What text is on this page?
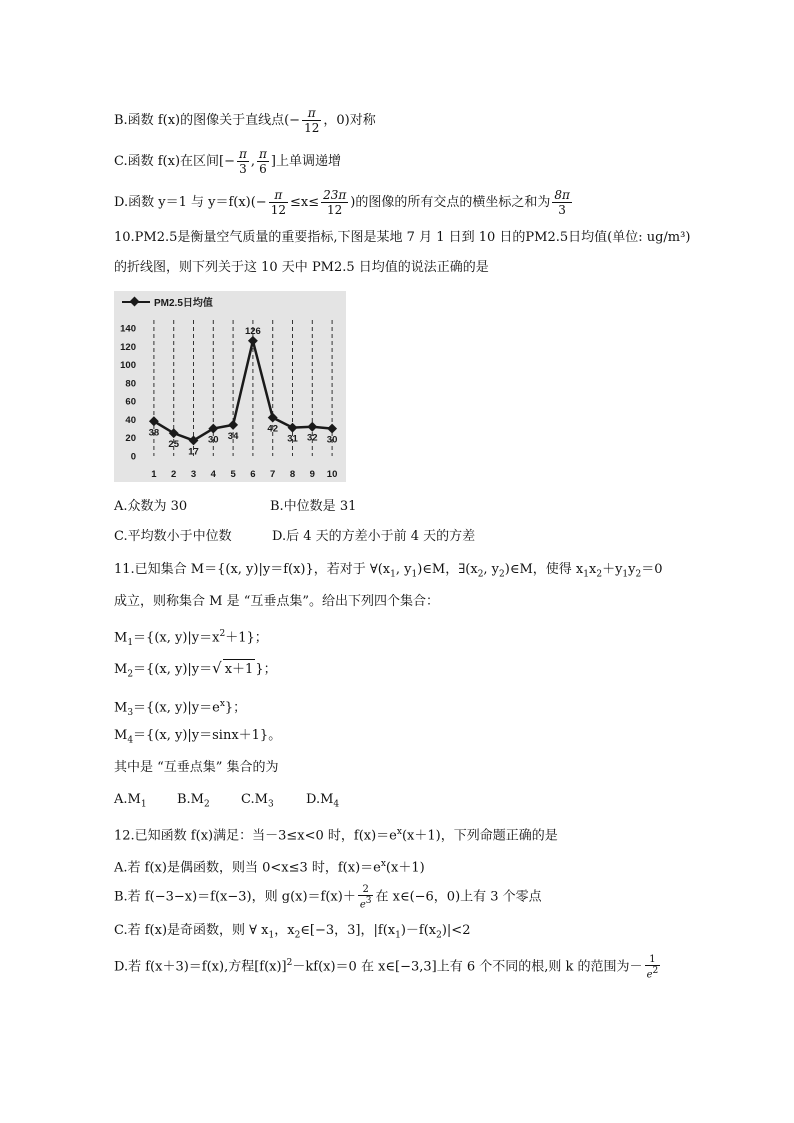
B.函数 f(x)的图像关于直线点(− $\frac{\pi}{12}$ ，0)对称
C.函数 f(x)在区间[− $\frac{\pi}{3}$ , $\frac{\pi}{6}$ ]上单调递增
D.函数 y＝1 与 $y=f(x)(- \frac{\pi}{12} \le x\le \frac{23\pi}{12}$ )的图像的所有交点的横坐标之和为 $\frac{8\pi}{3}$
10.PM2.5是衡量空气质量的重要指标,下图是某地 7 月 1 日到 10 日的PM2.5日均值(单位: ug/m³)
的折线图，则下列关于这 10 天中 PM2.5 日均值的说法正确的是
0
20
40
60
80
100
120
140
1 2 3 4 5 6 7 8 9 10
PM2.5日均值
38
25
17
30 34
126
42
31 32 30
A.众数为 30	B.中位数是 31
C.平均数小于中位数	D.后 4 天的方差小于前 4 天的方差
11.已知集合 M＝{(x, y)|y＝f(x)}，若对于 $\forall(x_1$, $y_1)\in M$，$\exists(x_2$, $y_2)\in M$，使得 $x_1x_2+y_1y_2=0$
成立，则称集合 M 是 “互垂点集”。给出下列四个集合：
$M_1=\{(x$, $y)|y=x^2+1$}；
$M_2=\{(x$, y)|y＝√ x＋1 }；
$M_3=\{(x$, $y)|y=e^x$}；
$M_4=\{(x$, y)|y＝sinx＋1}。
其中是 “互垂点集” 集合的为
$A.M_1$ $B.M_2$ $C.M_3$ $D.M_4$
12.已知函数 f(x)满足：当－3≤x<0 时，$f(x)=e^x(x+1)$，下列命题正确的是
A.若 f(x)是偶函数，则当 0<x≤3 时，$f(x)=e^x(x+1)$
B.若 f(−3−x)＝f(x−3)，则 $g(x)=f(x)+ \frac{2}{e^3}$ 在 x∈(−6，0)上有 3 个零点
C.若 f(x)是奇函数，则 ∀ $x_1$，$x_2\in[-3$，3]，$|f(x_1)-f(x_2)|<2$
D.若 f(x＋3)＝f(x),方程$[f(x)]^2-kf(x)=0$ 在 x∈[−3,3]上有 6 个不同的根,则 k 的范围为－ $\frac{1}{e^2}$
